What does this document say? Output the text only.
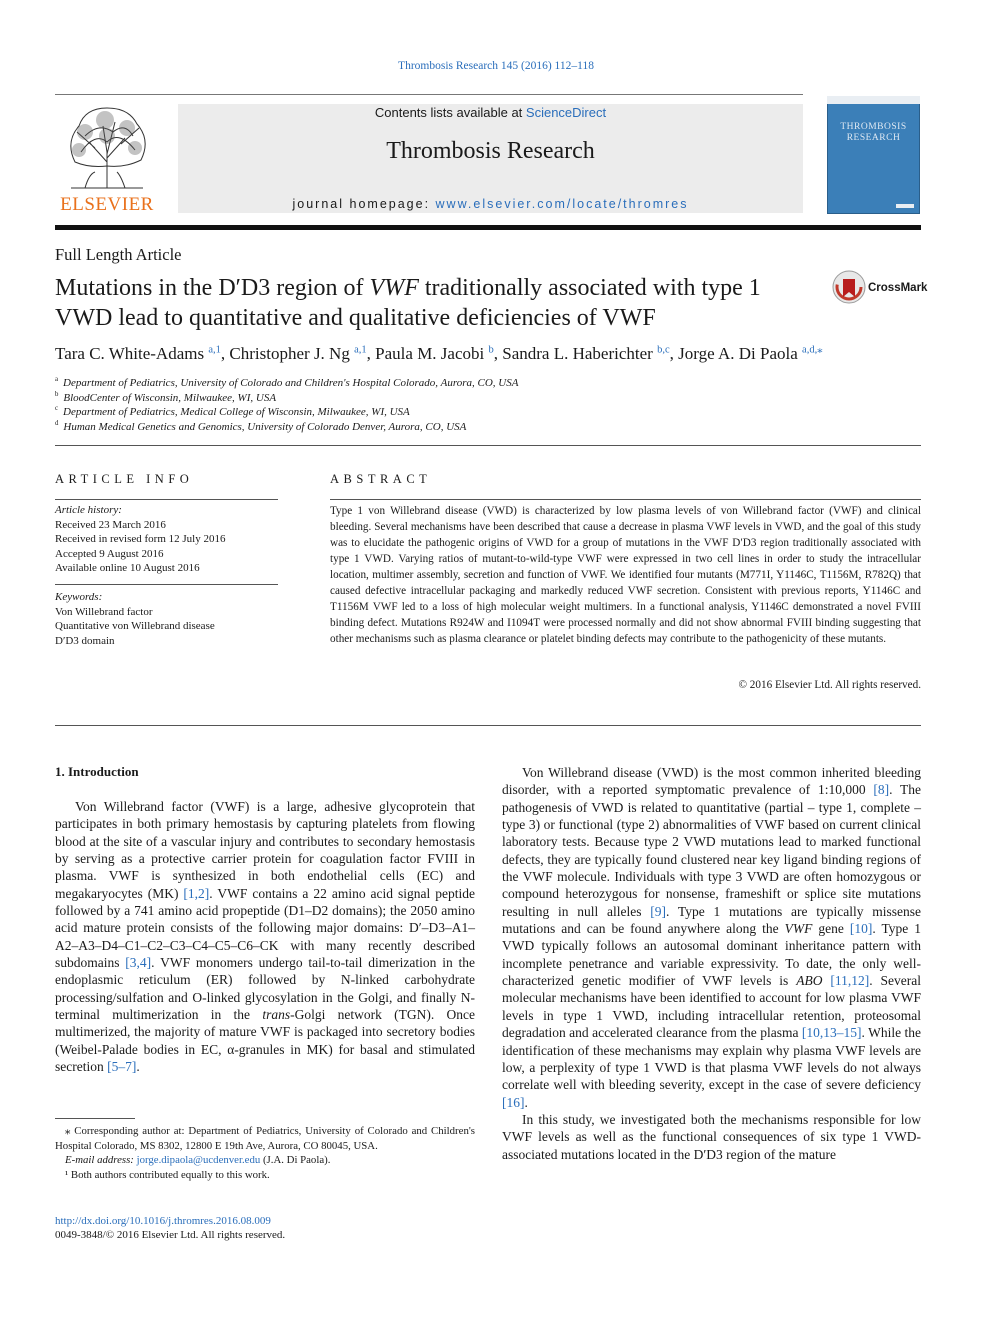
Thrombosis Research 145 (2016) 112–118
ELSEVIER
Contents lists available at ScienceDirect
Thrombosis Research
journal homepage: www.elsevier.com/locate/thromres
THROMBOSIS
RESEARCH
Full Length Article
Mutations in the D′D3 region of VWF traditionally associated with type 1 VWD lead to quantitative and qualitative deficiencies of VWF
CrossMark
Tara C. White-Adams $^{a,1}$, Christopher J. Ng $^{a,1}$, Paula M. Jacobi $^b$, Sandra L. Haberichter $^{b,c}$, Jorge A. Di Paola $^{a,d,⁎}$
$^a$ Department of Pediatrics, University of Colorado and Children's Hospital Colorado, Aurora, CO, USA
$^b$ BloodCenter of Wisconsin, Milwaukee, WI, USA
$^c$ Department of Pediatrics, Medical College of Wisconsin, Milwaukee, WI, USA
$^d$ Human Medical Genetics and Genomics, University of Colorado Denver, Aurora, CO, USA
ARTICLE INFO
Article history:
Received 23 March 2016
Received in revised form 12 July 2016
Accepted 9 August 2016
Available online 10 August 2016
Keywords:
Von Willebrand factor
Quantitative von Willebrand disease
D′D3 domain
ABSTRACT
Type 1 von Willebrand disease (VWD) is characterized by low plasma levels of von Willebrand factor (VWF) and clinical bleeding. Several mechanisms have been described that cause a decrease in plasma VWF levels in VWD, and the goal of this study was to elucidate the pathogenic origins of VWD for a group of mutations in the VWF D′D3 region traditionally associated with type 1 VWD. Varying ratios of mutant-to-wild-type VWF were expressed in two cell lines in order to study the intracellular location, multimer assembly, secretion and function of VWF. We identified four mutants (M771I, Y1146C, T1156M, R782Q) that caused defective intracellular packaging and markedly reduced VWF secretion. Consistent with previous reports, Y1146C and T1156M VWF led to a loss of high molecular weight multimers. In a functional analysis, Y1146C demonstrated a novel FVIII binding defect. Mutations R924W and I1094T were processed normally and did not show abnormal FVIII binding suggesting that other mechanisms such as plasma clearance or platelet binding defects may contribute to the pathogenicity of these mutants.
© 2016 Elsevier Ltd. All rights reserved.
1. Introduction

Von Willebrand factor (VWF) is a large, adhesive glycoprotein that participates in both primary hemostasis by capturing platelets from flowing blood at the site of a vascular injury and contributes to secondary hemostasis by serving as a protective carrier protein for coagulation factor FVIII in plasma. VWF is synthesized in both endothelial cells (EC) and megakaryocytes (MK) [1,2]. VWF contains a 22 amino acid signal peptide followed by a 741 amino acid propeptide (D1–D2 domains); the 2050 amino acid mature protein consists of the following major domains: D′–D3–A1–A2–A3–D4–C1–C2–C3–C4–C5–C6–CK with many recently described subdomains [3,4]. VWF monomers undergo tail-to-tail dimerization in the endoplasmic reticulum (ER) followed by N-linked carbohydrate processing/sulfation and O-linked glycosylation in the Golgi, and finally N-terminal multimerization in the trans-Golgi network (TGN). Once multimerized, the majority of mature VWF is packaged into secretory bodies (Weibel-Palade bodies in EC, α-granules in MK) for basal and stimulated secretion [5–7].

Von Willebrand disease (VWD) is the most common inherited bleeding disorder, with a reported symptomatic prevalence of 1:10,000 [8]. The pathogenesis of VWD is related to quantitative (partial – type 1, complete – type 3) or functional (type 2) abnormalities of VWF based on current clinical laboratory tests. Because type 2 VWD mutations lead to marked functional defects, they are typically found clustered near key ligand binding regions of the VWF molecule. Individuals with type 3 VWD are often homozygous or compound heterozygous for nonsense, frameshift or splice site mutations resulting in null alleles [9]. Type 1 mutations are typically missense mutations and can be found anywhere along the VWF gene [10]. Type 1 VWD typically follows an autosomal dominant inheritance pattern with incomplete penetrance and variable expressivity. To date, the only well-characterized genetic modifier of VWF levels is ABO [11,12]. Several molecular mechanisms have been identified to account for low plasma VWF levels in type 1 VWD, including intracellular retention, proteosomal degradation and accelerated clearance from the plasma [10,13–15]. While the identification of these mechanisms may explain why plasma VWF levels are low, a perplexity of type 1 VWD is that plasma VWF levels do not always correlate well with bleeding severity, except in the case of severe deficiency [16].

In this study, we investigated both the mechanisms responsible for low VWF levels as well as the functional consequences of six type 1 VWD-associated mutations located in the D′D3 region of the mature

⁎ Corresponding author at: Department of Pediatrics, University of Colorado and Children's Hospital Colorado, MS 8302, 12800 E 19th Ave, Aurora, CO 80045, USA.

E-mail address: jorge.dipaola@ucdenver.edu (J.A. Di Paola).

¹ Both authors contributed equally to this work.

http://dx.doi.org/10.1016/j.thromres.2016.08.009
0049-3848/© 2016 Elsevier Ltd. All rights reserved.
